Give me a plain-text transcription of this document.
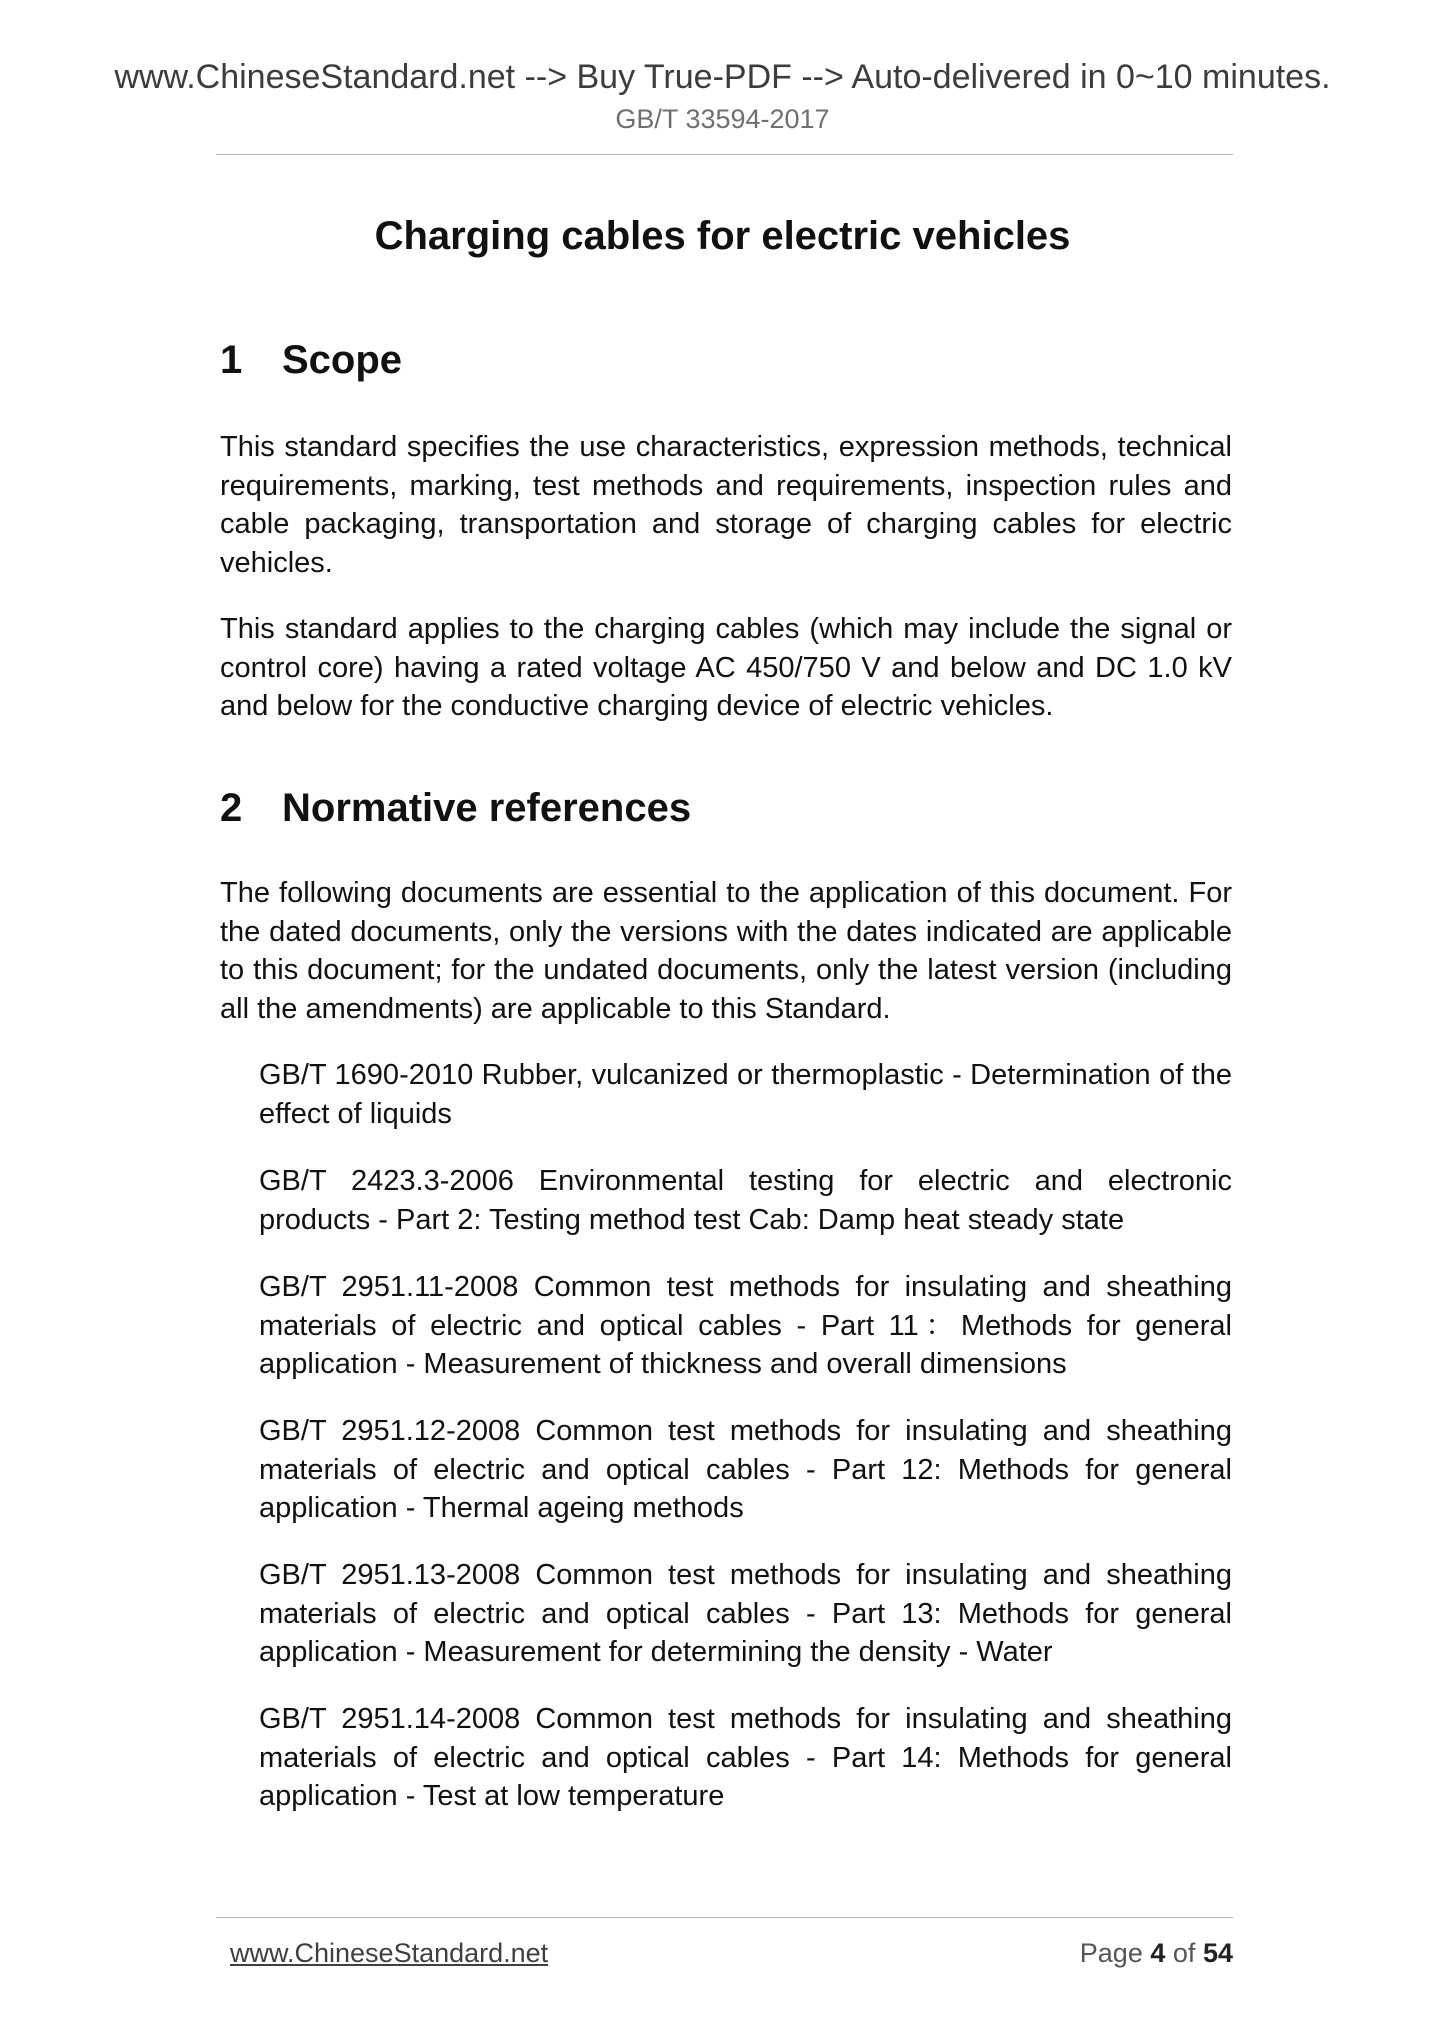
www.ChineseStandard.net --> Buy True-PDF --> Auto-delivered in 0~10 minutes.
GB/T 33594-2017
Charging cables for electric vehicles
1 Scope

This standard specifies the use characteristics, expression methods, technical requirements, marking, test methods and requirements, inspection rules and cable packaging, transportation and storage of charging cables for electric vehicles.

This standard applies to the charging cables (which may include the signal or control core) having a rated voltage AC 450/750 V and below and DC 1.0 kV and below for the conductive charging device of electric vehicles.

2 Normative references

The following documents are essential to the application of this document. For the dated documents, only the versions with the dates indicated are applicable to this document; for the undated documents, only the latest version (including all the amendments) are applicable to this Standard.

GB/T 1690-2010 Rubber, vulcanized or thermoplastic - Determination of the effect of liquids

GB/T 2423.3-2006 Environmental testing for electric and electronic products - Part 2: Testing method test Cab: Damp heat steady state

GB/T 2951.11-2008 Common test methods for insulating and sheathing materials of electric and optical cables - Part 11：Methods for general application - Measurement of thickness and overall dimensions

GB/T 2951.12-2008 Common test methods for insulating and sheathing materials of electric and optical cables - Part 12: Methods for general application - Thermal ageing methods

GB/T 2951.13-2008 Common test methods for insulating and sheathing materials of electric and optical cables - Part 13: Methods for general application - Measurement for determining the density - Water

GB/T 2951.14-2008 Common test methods for insulating and sheathing materials of electric and optical cables - Part 14: Methods for general application - Test at low temperature

www.ChineseStandard.net	Page 4 of 54
